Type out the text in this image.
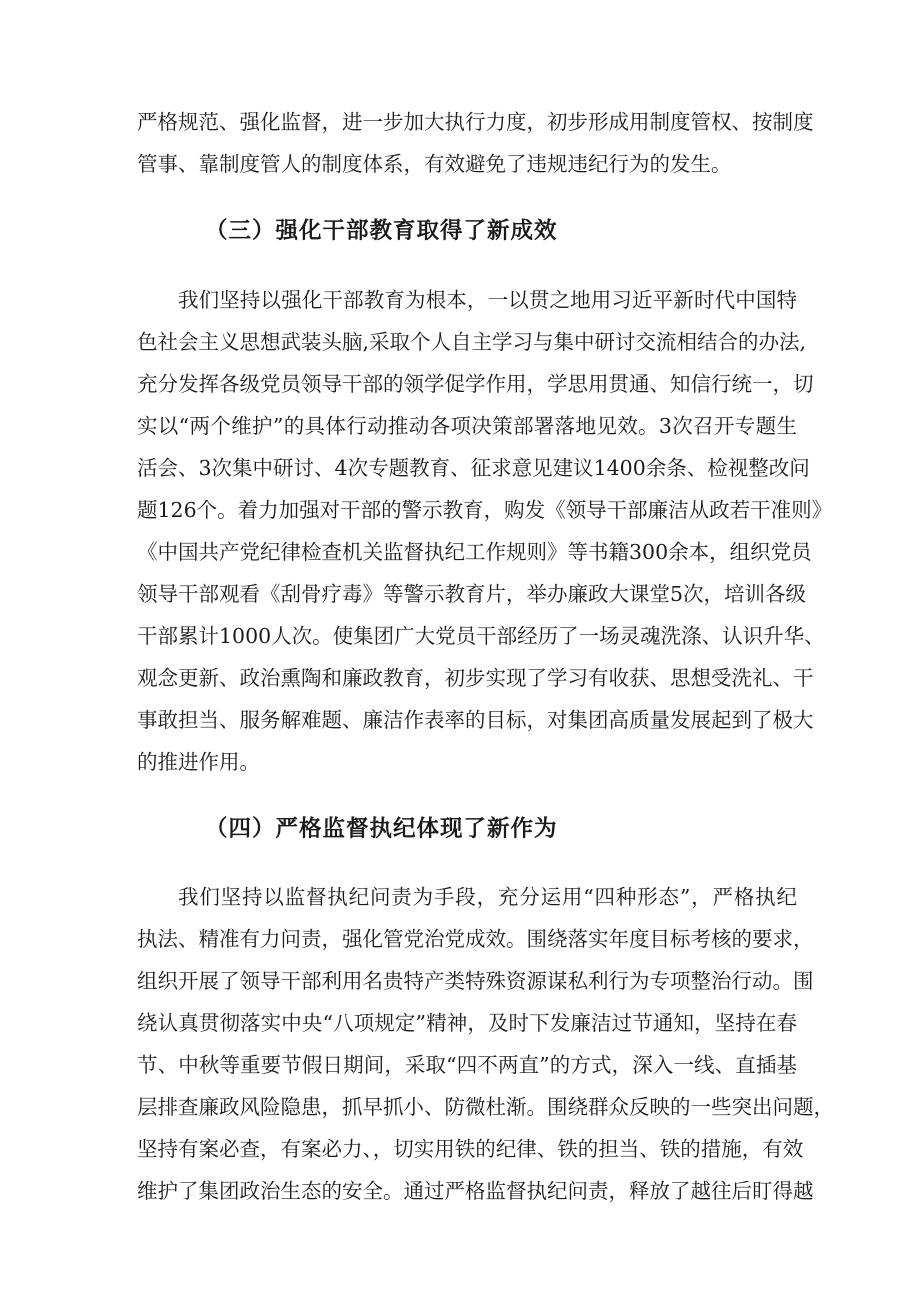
严格规范、强化监督，进一步加大执行力度，初步形成用制度管权、按制度
管事、靠制度管人的制度体系，有效避免了违规违纪行为的发生。
（三）强化干部教育取得了新成效
我们坚持以强化干部教育为根本，一以贯之地用习近平新时代中国特
色社会主义思想武装头脑,采取个人自主学习与集中研讨交流相结合的办法,
充分发挥各级党员领导干部的领学促学作用，学思用贯通、知信行统一，切
实以“两个维护”的具体行动推动各项决策部署落地见效。3次召开专题生
活会、3次集中研讨、4次专题教育、征求意见建议1400余条、检视整改问
题126个。着力加强对干部的警示教育，购发《领导干部廉洁从政若干准则》
《中国共产党纪律检查机关监督执纪工作规则》等书籍300余本，组织党员
领导干部观看《刮骨疗毒》等警示教育片，举办廉政大课堂5次，培训各级
干部累计1000人次。使集团广大党员干部经历了一场灵魂洗涤、认识升华、
观念更新、政治熏陶和廉政教育，初步实现了学习有收获、思想受洗礼、干
事敢担当、服务解难题、廉洁作表率的目标，对集团高质量发展起到了极大
的推进作用。
（四）严格监督执纪体现了新作为
我们坚持以监督执纪问责为手段，充分运用“四种形态”，严格执纪
执法、精准有力问责，强化管党治党成效。围绕落实年度目标考核的要求，
组织开展了领导干部利用名贵特产类特殊资源谋私利行为专项整治行动。围
绕认真贯彻落实中央“八项规定”精神，及时下发廉洁过节通知，坚持在春
节、中秋等重要节假日期间，采取“四不两直”的方式，深入一线、直插基
层排查廉政风险隐患，抓早抓小、防微杜渐。围绕群众反映的一些突出问题，
坚持有案必查，有案必力、，切实用铁的纪律、铁的担当、铁的措施，有效
维护了集团政治生态的安全。通过严格监督执纪问责，释放了越往后盯得越
